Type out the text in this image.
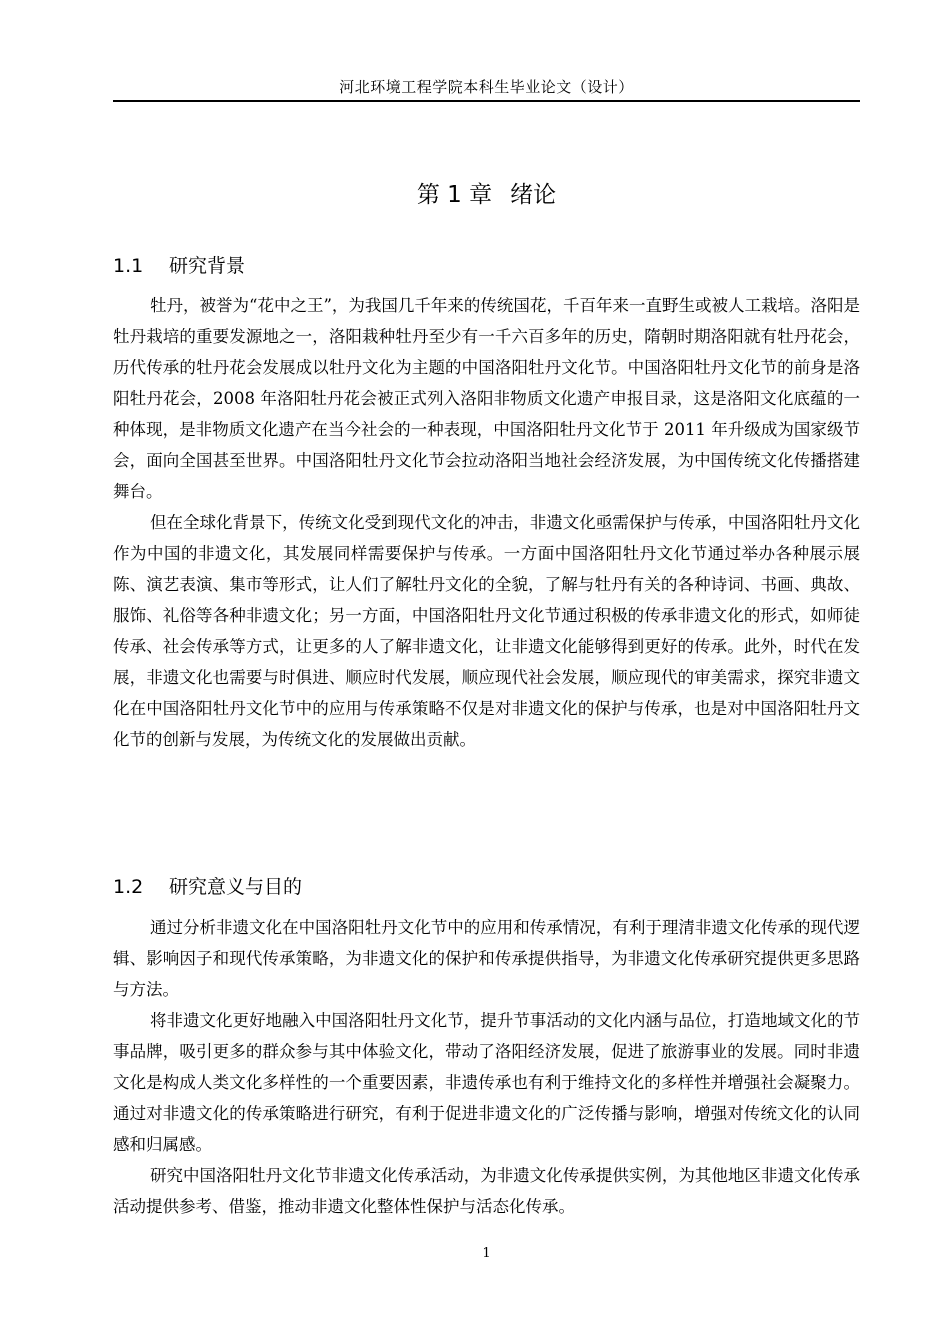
河北环境工程学院本科生毕业论文（设计）
第 1 章 绪论
1.1 研究背景

牡丹，被誉为“花中之王”，为我国几千年来的传统国花，千百年来一直野生或被人工栽培。洛阳是牡丹栽培的重要发源地之一，洛阳栽种牡丹至少有一千六百多年的历史，隋朝时期洛阳就有牡丹花会，历代传承的牡丹花会发展成以牡丹文化为主题的中国洛阳牡丹文化节。中国洛阳牡丹文化节的前身是洛阳牡丹花会，2008 年洛阳牡丹花会被正式列入洛阳非物质文化遗产申报目录，这是洛阳文化底蕴的一种体现，是非物质文化遗产在当今社会的一种表现，中国洛阳牡丹文化节于 2011 年升级成为国家级节会，面向全国甚至世界。中国洛阳牡丹文化节会拉动洛阳当地社会经济发展，为中国传统文化传播搭建舞台。

但在全球化背景下，传统文化受到现代文化的冲击，非遗文化亟需保护与传承，中国洛阳牡丹文化作为中国的非遗文化，其发展同样需要保护与传承。一方面中国洛阳牡丹文化节通过举办各种展示展陈、演艺表演、集市等形式，让人们了解牡丹文化的全貌，了解与牡丹有关的各种诗词、书画、典故、服饰、礼俗等各种非遗文化；另一方面，中国洛阳牡丹文化节通过积极的传承非遗文化的形式，如师徒传承、社会传承等方式，让更多的人了解非遗文化，让非遗文化能够得到更好的传承。此外，时代在发展，非遗文化也需要与时俱进、顺应时代发展，顺应现代社会发展，顺应现代的审美需求，探究非遗文化在中国洛阳牡丹文化节中的应用与传承策略不仅是对非遗文化的保护与传承，也是对中国洛阳牡丹文化节的创新与发展，为传统文化的发展做出贡献。

1.2 研究意义与目的

通过分析非遗文化在中国洛阳牡丹文化节中的应用和传承情况，有利于理清非遗文化传承的现代逻辑、影响因子和现代传承策略，为非遗文化的保护和传承提供指导，为非遗文化传承研究提供更多思路与方法。

将非遗文化更好地融入中国洛阳牡丹文化节，提升节事活动的文化内涵与品位，打造地域文化的节事品牌，吸引更多的群众参与其中体验文化，带动了洛阳经济发展，促进了旅游事业的发展。同时非遗文化是构成人类文化多样性的一个重要因素，非遗传承也有利于维持文化的多样性并增强社会凝聚力。通过对非遗文化的传承策略进行研究，有利于促进非遗文化的广泛传播与影响，增强对传统文化的认同感和归属感。

研究中国洛阳牡丹文化节非遗文化传承活动，为非遗文化传承提供实例，为其他地区非遗文化传承活动提供参考、借鉴，推动非遗文化整体性保护与活态化传承。

1
